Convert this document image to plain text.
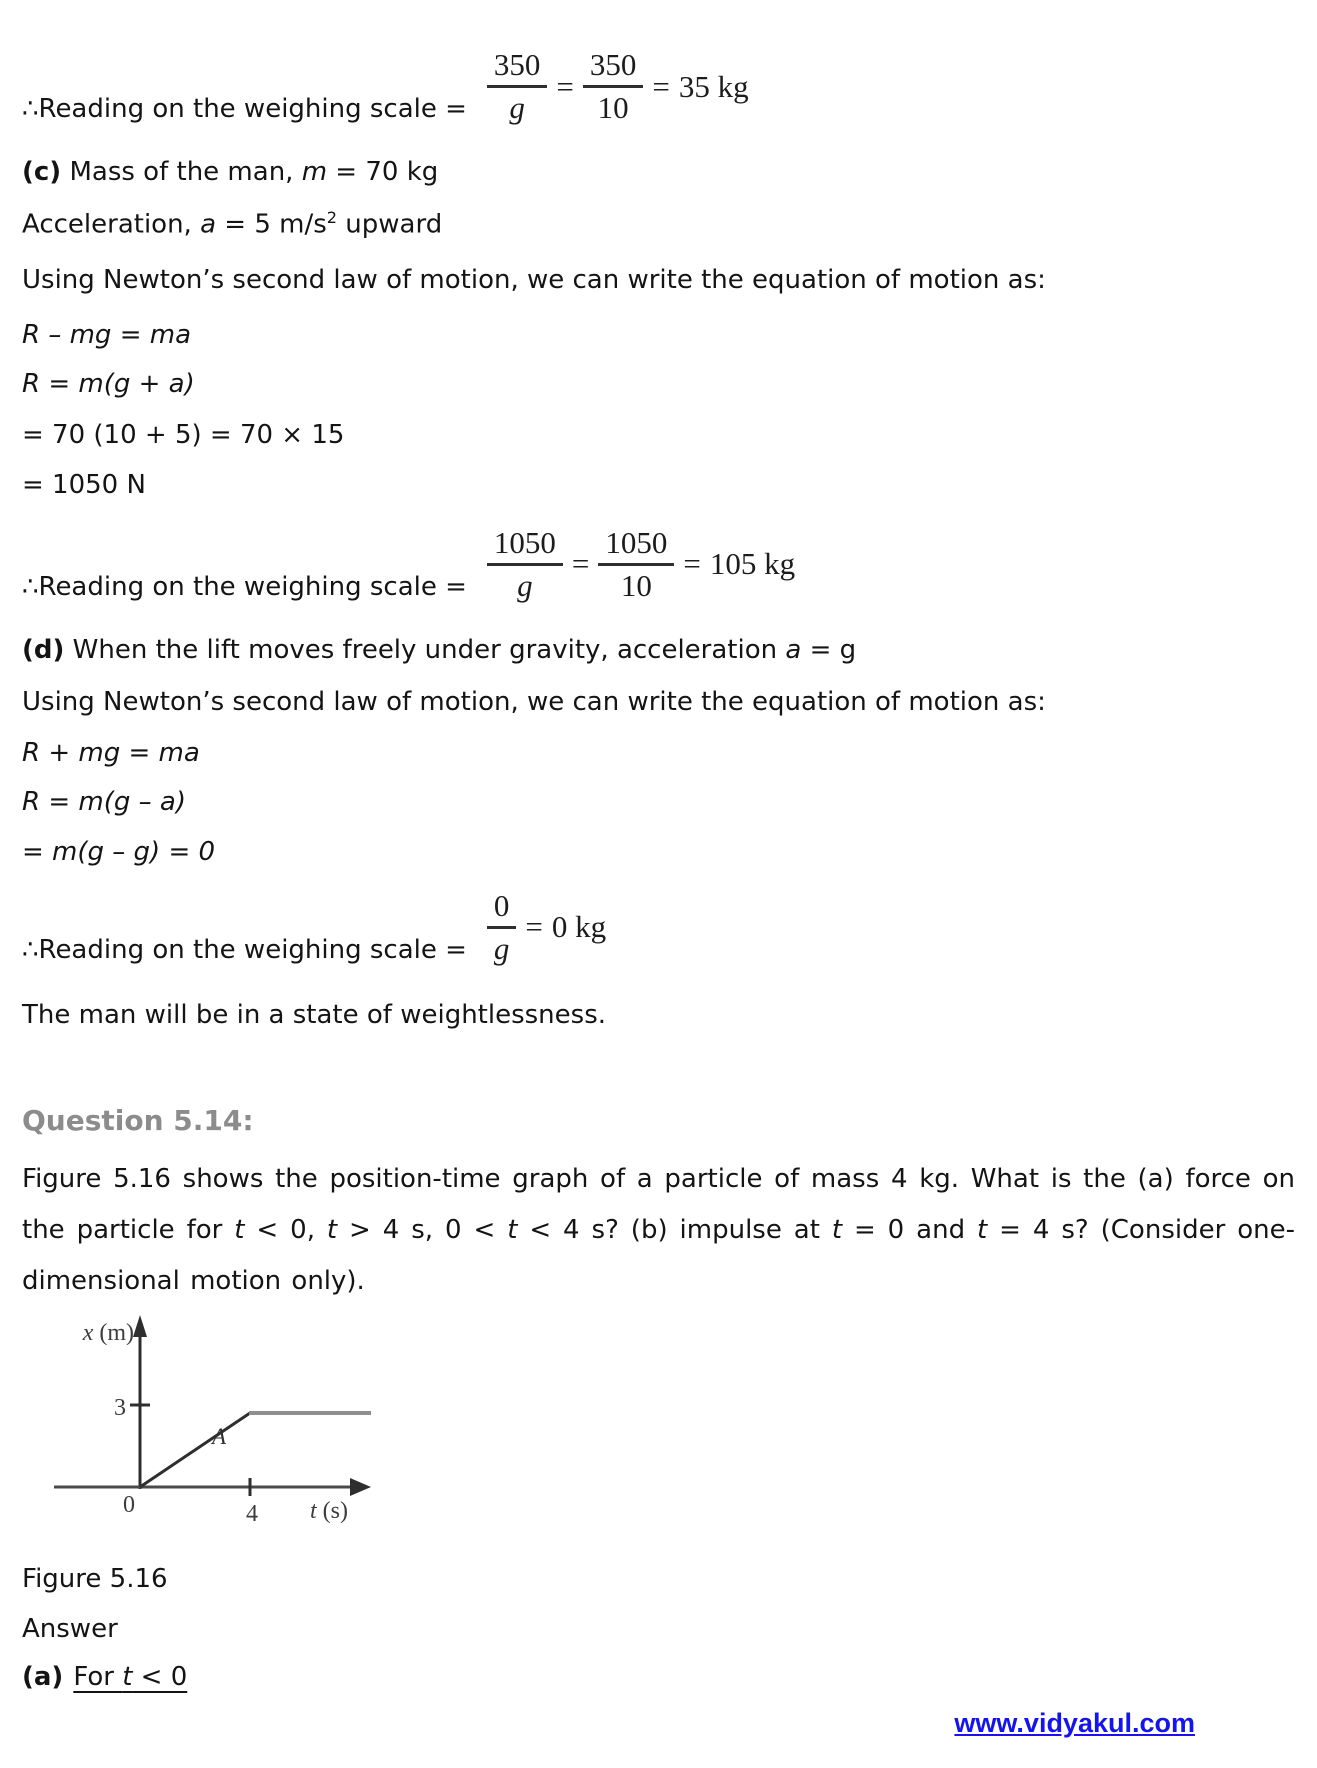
∴Reading on the weighing scale = $\frac{350}{g} = \frac{350}{10} = 35$ kg
(c) Mass of the man, m = 70 kg
Acceleration, a = 5 $m/s^2$ upward
Using Newton’s second law of motion, we can write the equation of motion as:
R – mg = ma
R = m(g + a)
= 70 (10 + 5) = 70 × 15
= 1050 N
∴Reading on the weighing scale = $\frac{1050}{g} = \frac{1050}{10} = 105$ kg
(d) When the lift moves freely under gravity, acceleration a = g
Using Newton’s second law of motion, we can write the equation of motion as:
R + mg = ma
R = m(g – a)
= m(g – g) = 0
∴Reading on the weighing scale = $\frac{0}{g} = 0$ kg
The man will be in a state of weightlessness.
Question 5.14:

Figure 5.16 shows the position-time graph of a particle of mass 4 kg. What is the (a) force on the particle for t < 0, t > 4 s, 0 < t < 4 s? (b) impulse at t = 0 and t = 4 s? (Consider one-dimensional motion only).

x (m)
3
0	4 t (s)
A
Figure 5.16
Answer
(a) For t < 0
www.vidyakul.com
